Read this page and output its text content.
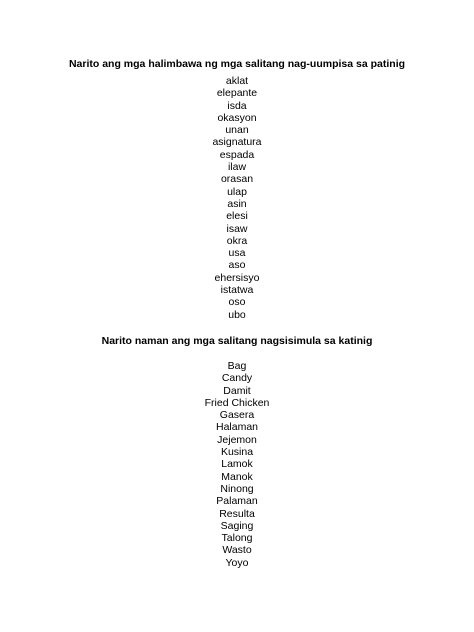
Narito ang mga halimbawa ng mga salitang nag-uumpisa sa patinig
aklat
elepante
isda
okasyon
unan
asignatura
espada
ilaw
orasan
ulap
asin
elesi
isaw
okra
usa
aso
ehersisyo
istatwa
oso
ubo
Narito naman ang mga salitang nagsisimula sa katinig
Bag
Candy
Damit
Fried Chicken
Gasera
Halaman
Jejemon
Kusina
Lamok
Manok
Ninong
Palaman
Resulta
Saging
Talong
Wasto
Yoyo
